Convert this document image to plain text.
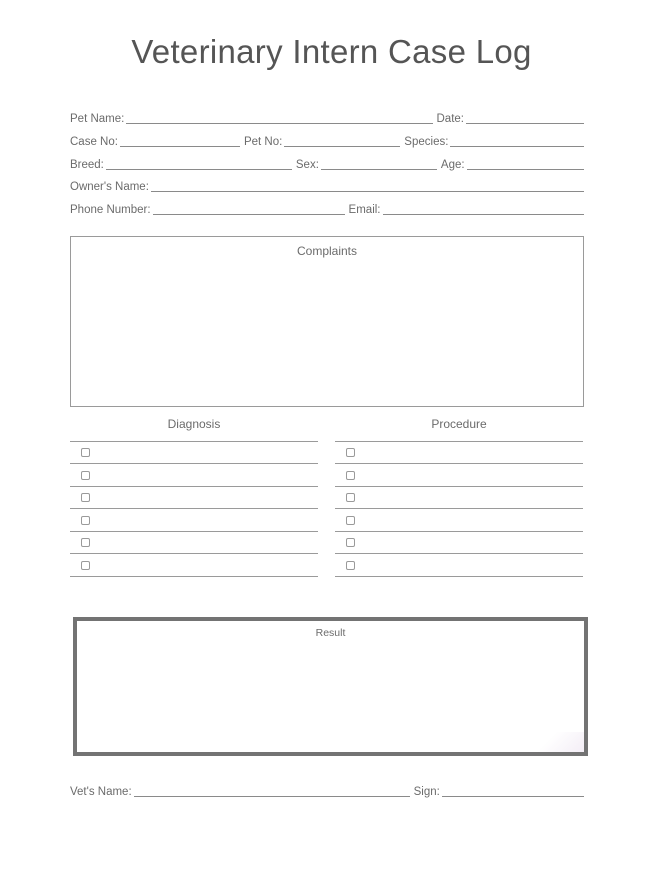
Veterinary Intern Case Log
Pet Name:	Date:
Case No:	Pet No:	Species:
Breed:	Sex:	Age:
Owner's Name:
Phone Number:	Email:
Complaints
Diagnosis	Procedure
Result
Vet's Name:	Sign:
